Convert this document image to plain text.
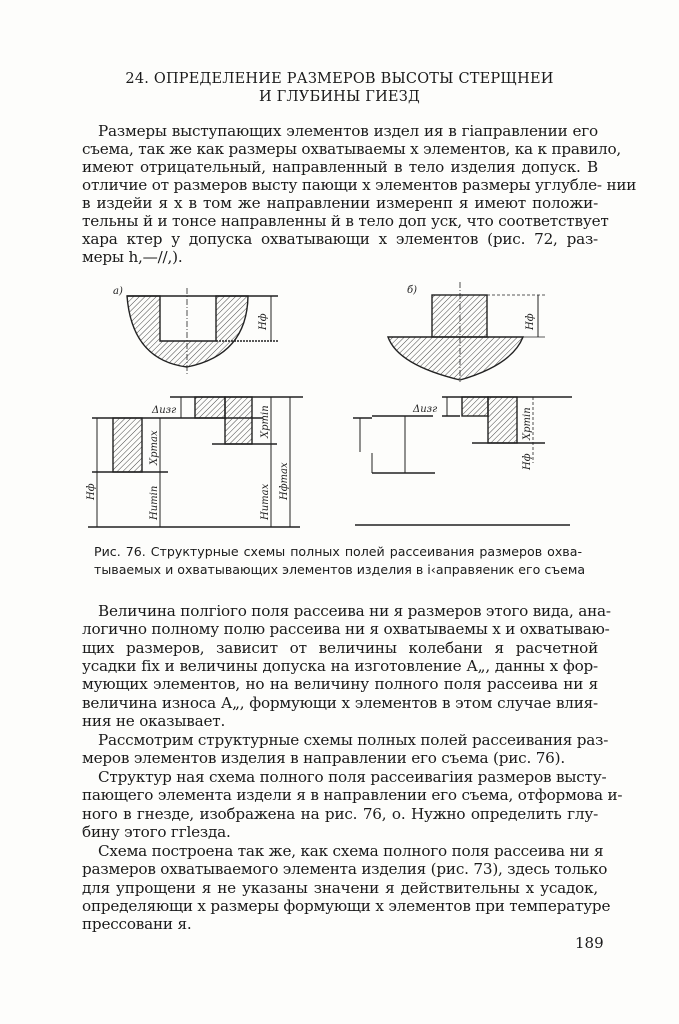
24. ОПРЕДЕЛЕНИЕ РАЗМЕРОВ ВЫСОТЫ СТЕРЩНЕИ
И ГЛУБИНЫ ГИЕЗД
Размеры выступающих элементов издел ия в гіаправлении его
съема, так же как размеры охватываемы х элементов, ка к правило,
имеют отрицательный, направленный в тело изделия допуск. В
отличие от размеров высту пающи х элементов размеры углубле- нии
в издейи я х в том же направлении измеренп я имеют положи-
тельны й и тонсе направленны й в тело доп уск, что соответствует
хара ктер у допуска охватывающи х элементов (рис. 72, раз-
меры h,—//,).
а)	б)
Hф	Hф
Δизг	Δизг
Hф
Xpmax
Hиmin
Xpmin
Hиmax
Hфmax
Xpmin
Hф
Рис. 76. Структурные схемы полных полей рассеивания размеров охва-
тываемых и охватывающих элементов изделия в і‹аправяеник его съема
Величина полгіого поля рассеива ни я размеров этого вида, ана-
логично полному полю рассеива ни я охватываемы х и охватываю-
щих размеров, зависит от величины колебани я расчетной
усадки fix и величины допуска на изготовление А„, данны х фор-
мующих элементов, но на величину полного поля рассеива ни я
величина износа А„, формующи х элементов в этом случае влия-
ния не оказывает.
Рассмотрим структурные схемы полных полей рассеивания раз-
меров элементов изделия в направлении его съема (рис. 76).
Структур ная схема полного поля рассеивагіия размеров высту-
пающего элемента издели я в направлении его съема, отформова и-
ного в гнезде, изображена на рис. 76, о. Нужно определить глу-
бину этого ггlезда.
Схема построена так же, как схема полного поля рассеива ни я
размеров охватываемого элемента изделия (рис. 73), здесь только
для упрощени я не указаны значени я действительны х усадок,
определяющи х размеры формующи х элементов при температуре
прессовани я.
189
